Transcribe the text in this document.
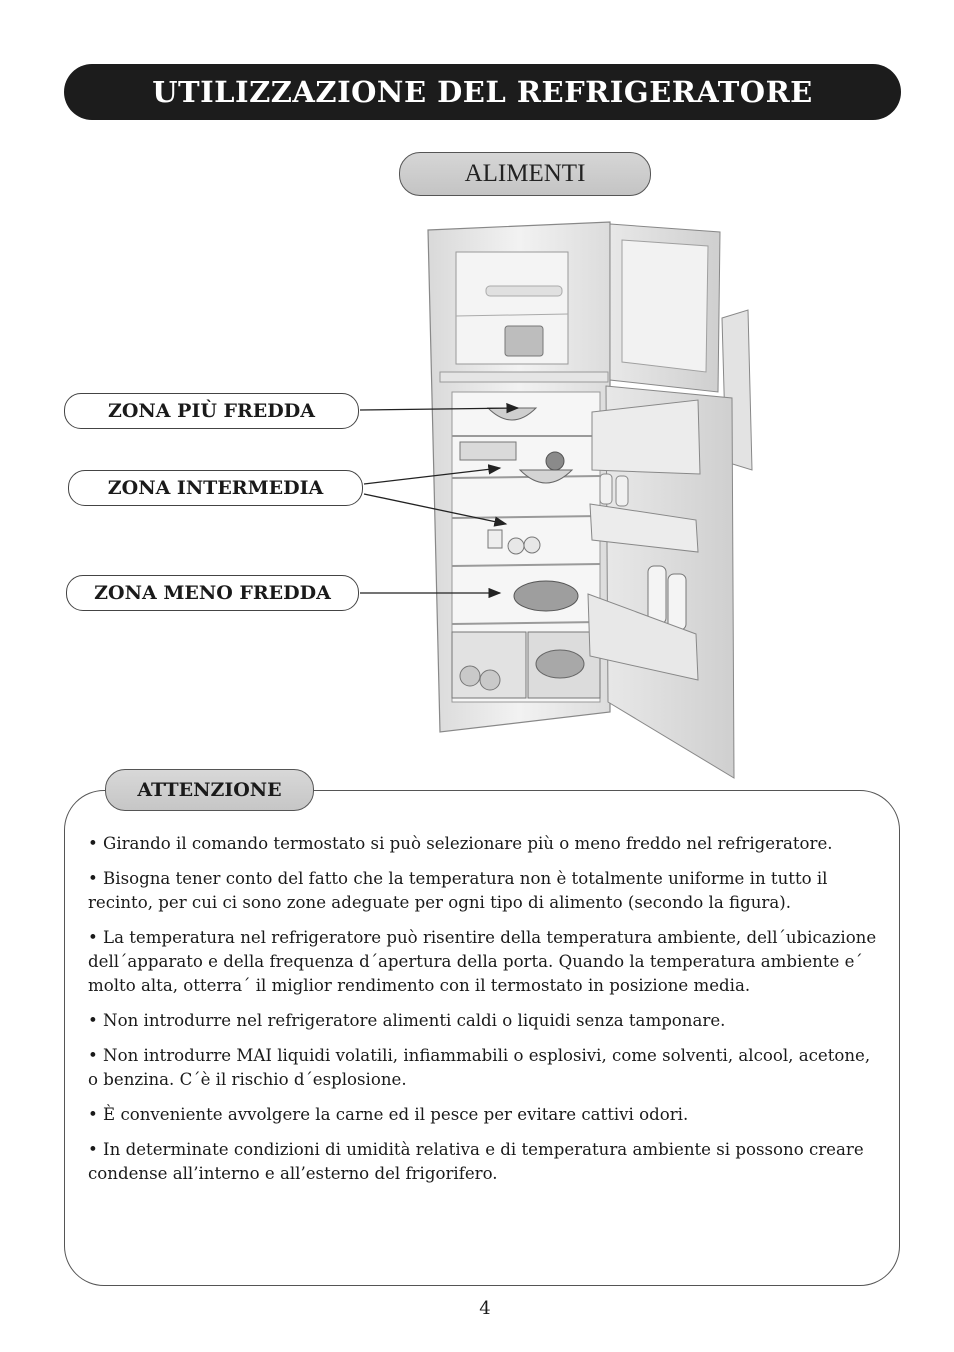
UTILIZZAZIONE DEL REFRIGERATORE
ALIMENTI
ZONA PIÙ FREDDA
ZONA INTERMEDIA
ZONA MENO FREDDA
ATTENZIONE

• Girando il comando termostato si può selezionare più o meno freddo nel refrigeratore.

• Bisogna tener conto del fatto che la temperatura non è totalmente uniforme in tutto il recinto, per cui ci sono zone adeguate per ogni tipo di alimento (secondo la figura).

• La temperatura nel refrigeratore può risentire della temperatura ambiente, dell´ubicazione dell´apparato e della frequenza d´apertura della porta. Quando la temperatura ambiente e´ molto alta, otterra´ il miglior rendimento con il termostato in posizione media.

• Non introdurre nel refrigeratore alimenti caldi o liquidi senza tamponare.

• Non introdurre MAI liquidi volatili, infiammabili o esplosivi, come solventi, alcool, acetone, o benzina. C´è il rischio d´esplosione.

• È conveniente avvolgere la carne ed il pesce per evitare cattivi odori.

• In determinate condizioni di umidità relativa e di temperatura ambiente si possono creare condense all’interno e all’esterno del frigorifero.

4
